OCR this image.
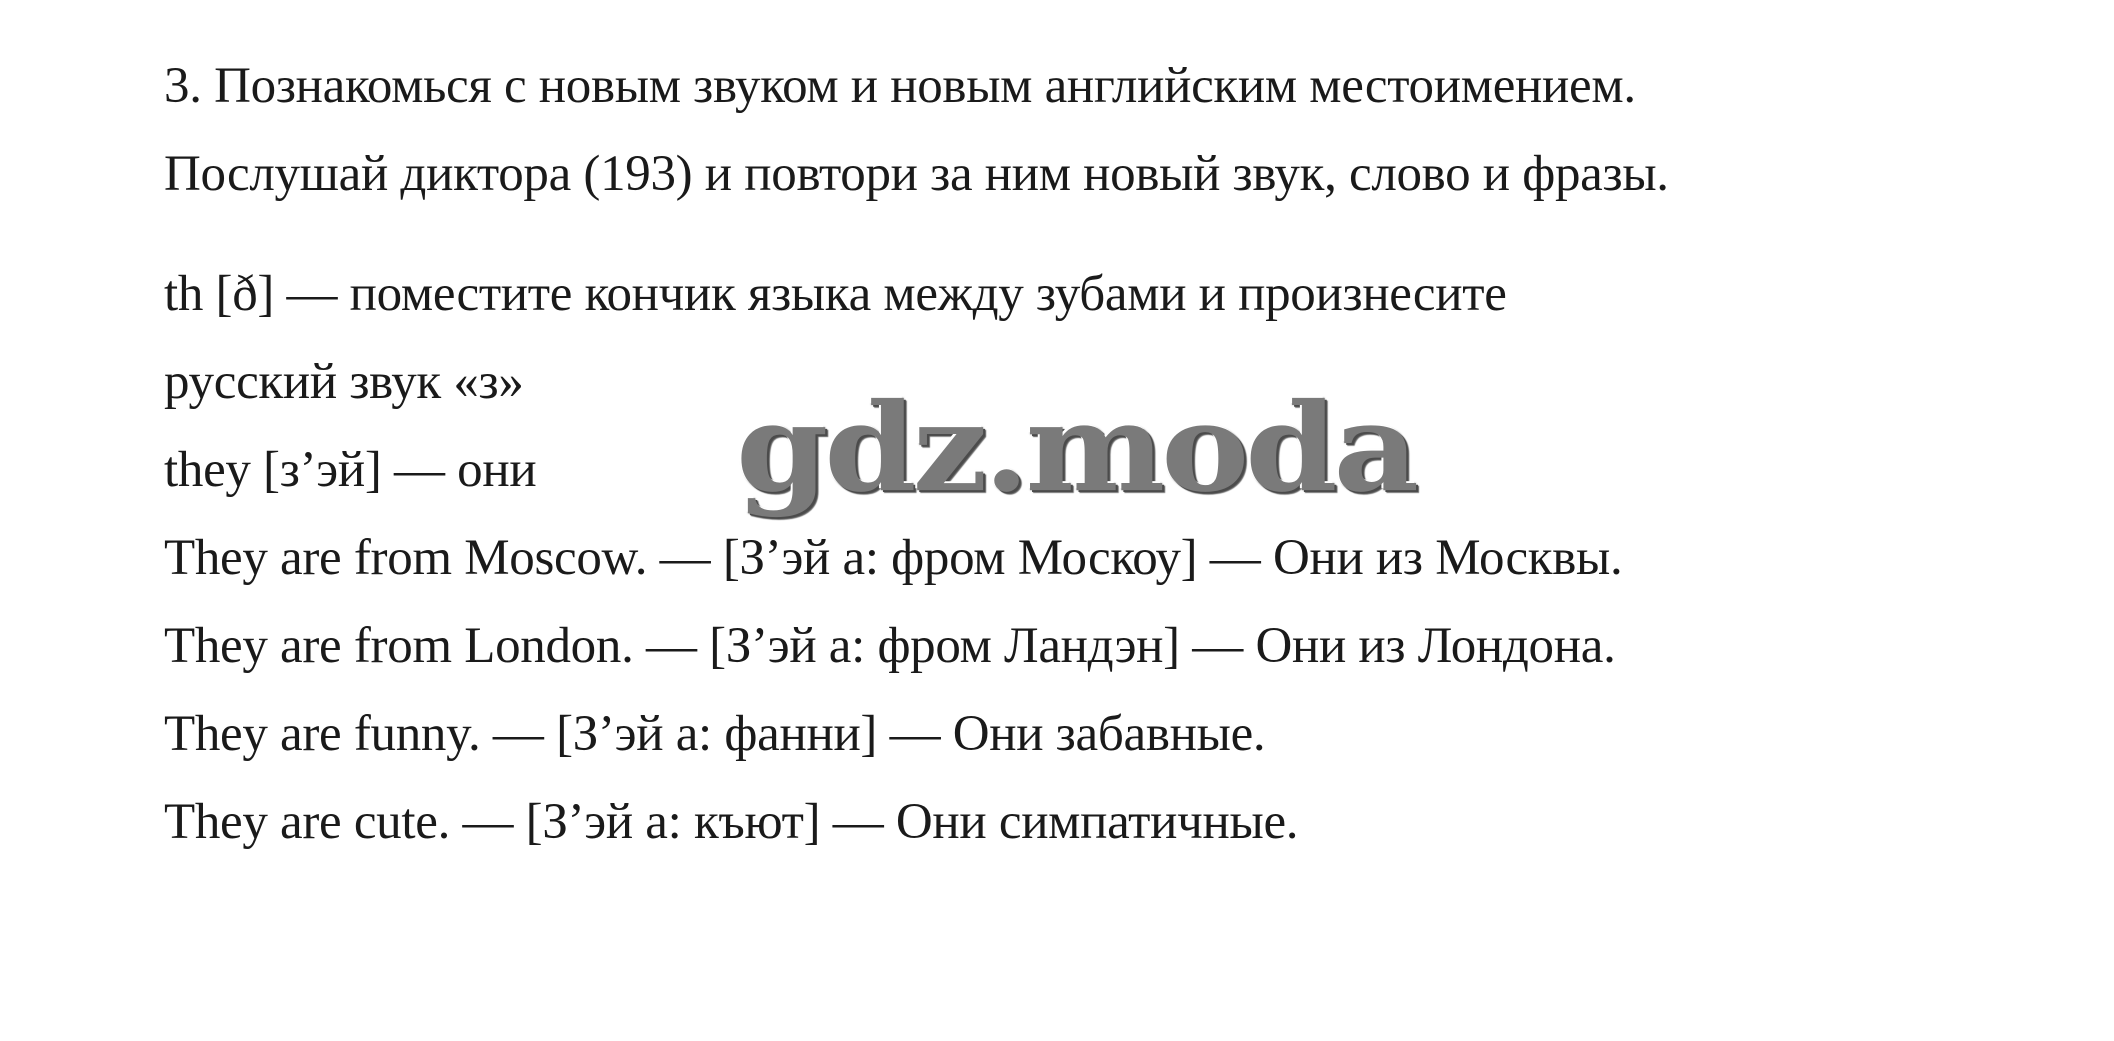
3. Познакомься с новым звуком и новым английским местоимением.
Послушай диктора (193) и повтори за ним новый звук, слово и фразы.
th [ð] — поместите кончик языка между зубами и произнесите
русский звук «з»
they [з’эй] — они
They are from Moscow. — [З’эй а: фром Москоу] — Они из Москвы.
They are from London. — [З’эй а: фром Ландэн] — Они из Лондона.
They are funny. — [З’эй а: фанни] — Они забавные.
They are cute. — [З’эй а: къют] — Они симпатичные.
gdz.moda
